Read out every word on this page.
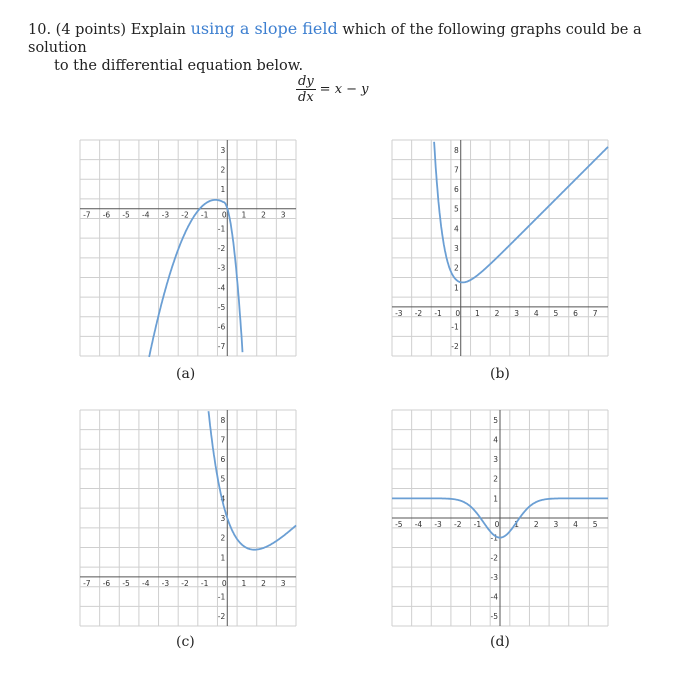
10. (4 points) Explain using a slope field which of the following graphs could be a solution
to the differential equation below.
$\frac{dy}{dx} = x - y$
-7 -6 -5 -4 -3 -2 -1 0 1 2 3
3
2
1
-1
-2
-3
-4
-5
-6
-7
-3 -2 -1 0 1 2 3 4 5 6 7
8
7
6
5
4
3
2
1
-1
-2
-7 -6 -5 -4 -3 -2 -1 0 1 2 3
8
7
6
5
4
3
2
1
-1
-2
-5 -4 -3 -2 -1 0 1 2 3 4 5
5
4
3
2
1
-1
-2
-3
-4
-5
(a)	(b)
(c)	(d)
